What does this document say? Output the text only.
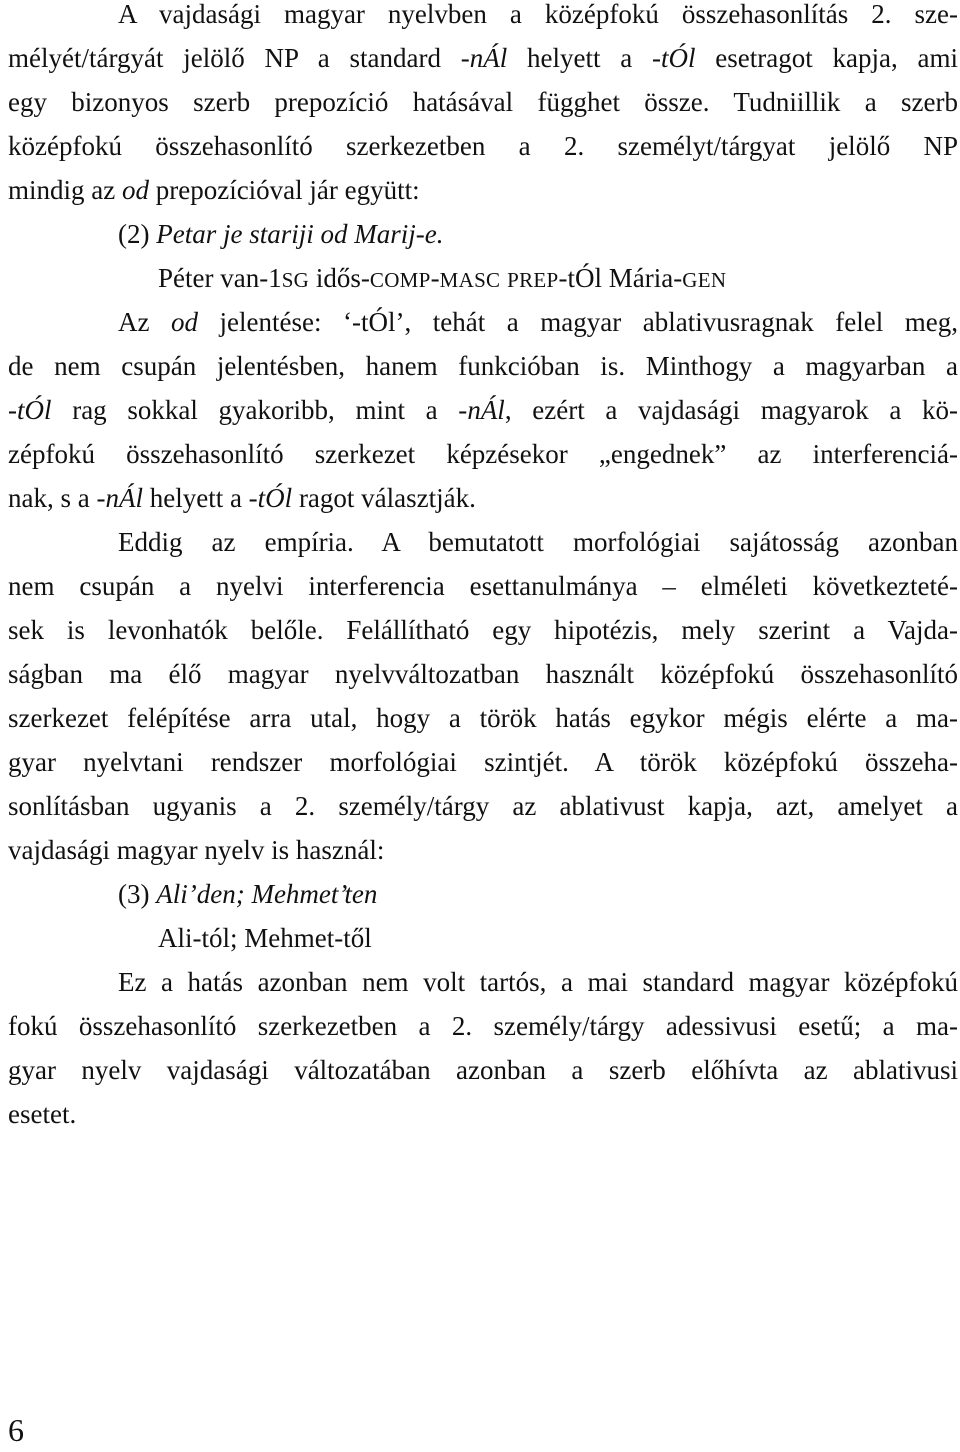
A vajdasági magyar nyelvben a középfokú összehasonlítás 2. sze-
mélyét/tárgyát jelölő NP a standard -nÁl helyett a -tÓl esetragot kapja, ami
egy bizonyos szerb prepozíció hatásával függhet össze. Tudniillik a szerb
középfokú összehasonlító szerkezetben a 2. személyt/tárgyat jelölő NP
mindig az od prepozícióval jár együtt:
(2) Petar je stariji od Marij-e.
Péter van-1SG idős-COMP-MASC PREP-tÓl Mária-GEN
Az od jelentése: ‘-tÓl’, tehát a magyar ablativusragnak felel meg,
de nem csupán jelentésben, hanem funkcióban is. Minthogy a magyarban a
-tÓl rag sokkal gyakoribb, mint a -nÁl, ezért a vajdasági magyarok a kö-
zépfokú összehasonlító szerkezet képzésekor „engednek” az interferenciá-
nak, s a -nÁl helyett a -tÓl ragot választják.
Eddig az empíria. A bemutatott morfológiai sajátosság azonban
nem csupán a nyelvi interferencia esettanulmánya – elméleti következteté-
sek is levonhatók belőle. Felállítható egy hipotézis, mely szerint a Vajda-
ságban ma élő magyar nyelvváltozatban használt középfokú összehasonlító
szerkezet felépítése arra utal, hogy a török hatás egykor mégis elérte a ma-
gyar nyelvtani rendszer morfológiai szintjét. A török középfokú összeha-
sonlításban ugyanis a 2. személy/tárgy az ablativust kapja, azt, amelyet a
vajdasági magyar nyelv is használ:
(3) Ali’den; Mehmet’ten
Ali-tól; Mehmet-től
Ez a hatás azonban nem volt tartós, a mai standard magyar középfokú
fokú összehasonlító szerkezetben a 2. személy/tárgy adessivusi esetű; a ma-
gyar nyelv vajdasági változatában azonban a szerb előhívta az ablativusi
esetet.
6
